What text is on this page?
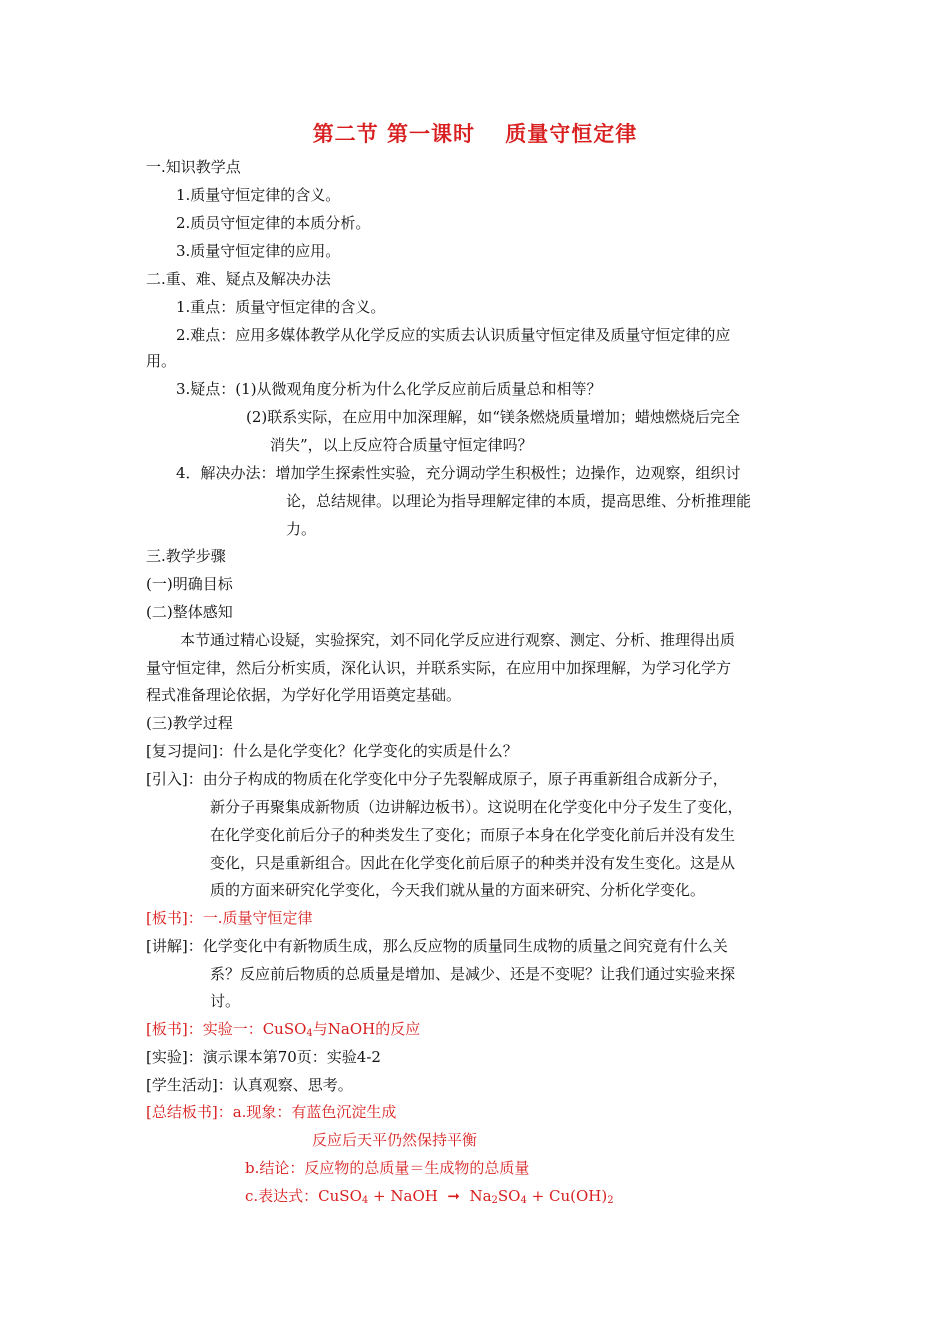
第二节 第一课时　 质量守恒定律
一.知识教学点
1.质量守恒定律的含义。
2.质员守恒定律的本质分析。
3.质量守恒定律的应用。
二.重、难、疑点及解决办法
1.重点：质量守恒定律的含义。
2.难点：应用多媒体教学从化学反应的实质去认识质量守恒定律及质量守恒定律的应
用。
3.疑点：(1)从微观角度分析为什么化学反应前后质量总和相等？
(2)联系实际，在应用中加深理解，如“镁条燃烧质量增加；蜡烛燃烧后完全
消失”，以上反应符合质量守恒定律吗？
4．解决办法：增加学生探索性实验，充分调动学生积极性；边操作，边观察，组织讨
论，总结规律。以理论为指导理解定律的本质，提高思维、分析推理能
力。
三.教学步骤
(一)明确目标
(二)整体感知
本节通过精心设疑，实验探究，刘不同化学反应进行观察、测定、分析、推理得出质
量守恒定律，然后分析实质，深化认识，并联系实际，在应用中加探理解，为学习化学方
程式准备理论依据，为学好化学用语奠定基础。
(三)教学过程
[复习提问]：什么是化学变化？化学变化的实质是什么？
[引入]：由分子构成的物质在化学变化中分子先裂解成原子，原子再重新组合成新分子，
新分子再聚集成新物质（边讲解边板书）。这说明在化学变化中分子发生了变化，
在化学变化前后分子的种类发生了变化；而原子本身在化学变化前后并没有发生
变化，只是重新组合。因此在化学变化前后原子的种类并没有发生变化。这是从
质的方面来研究化学变化，今天我们就从量的方面来研究、分析化学变化。
[板书]：一.质量守恒定律
[讲解]：化学变化中有新物质生成，那么反应物的质量同生成物的质量之间究竟有什么关
系？反应前后物质的总质量是增加、是减少、还是不变呢？让我们通过实验来探
讨。
[板书]：实验一：CuSO$_4$与NaOH的反应
[实验]：演示课本第70页：实验4-2
[学生活动]：认真观察、思考。
[总结板书]：a.现象：有蓝色沉淀生成
反应后天平仍然保持平衡
b.结论：反应物的总质量＝生成物的总质量
c.表达式：CuSO$_4$ + NaOH  ➞  $Na_2SO_4 + Cu(OH)_2$
